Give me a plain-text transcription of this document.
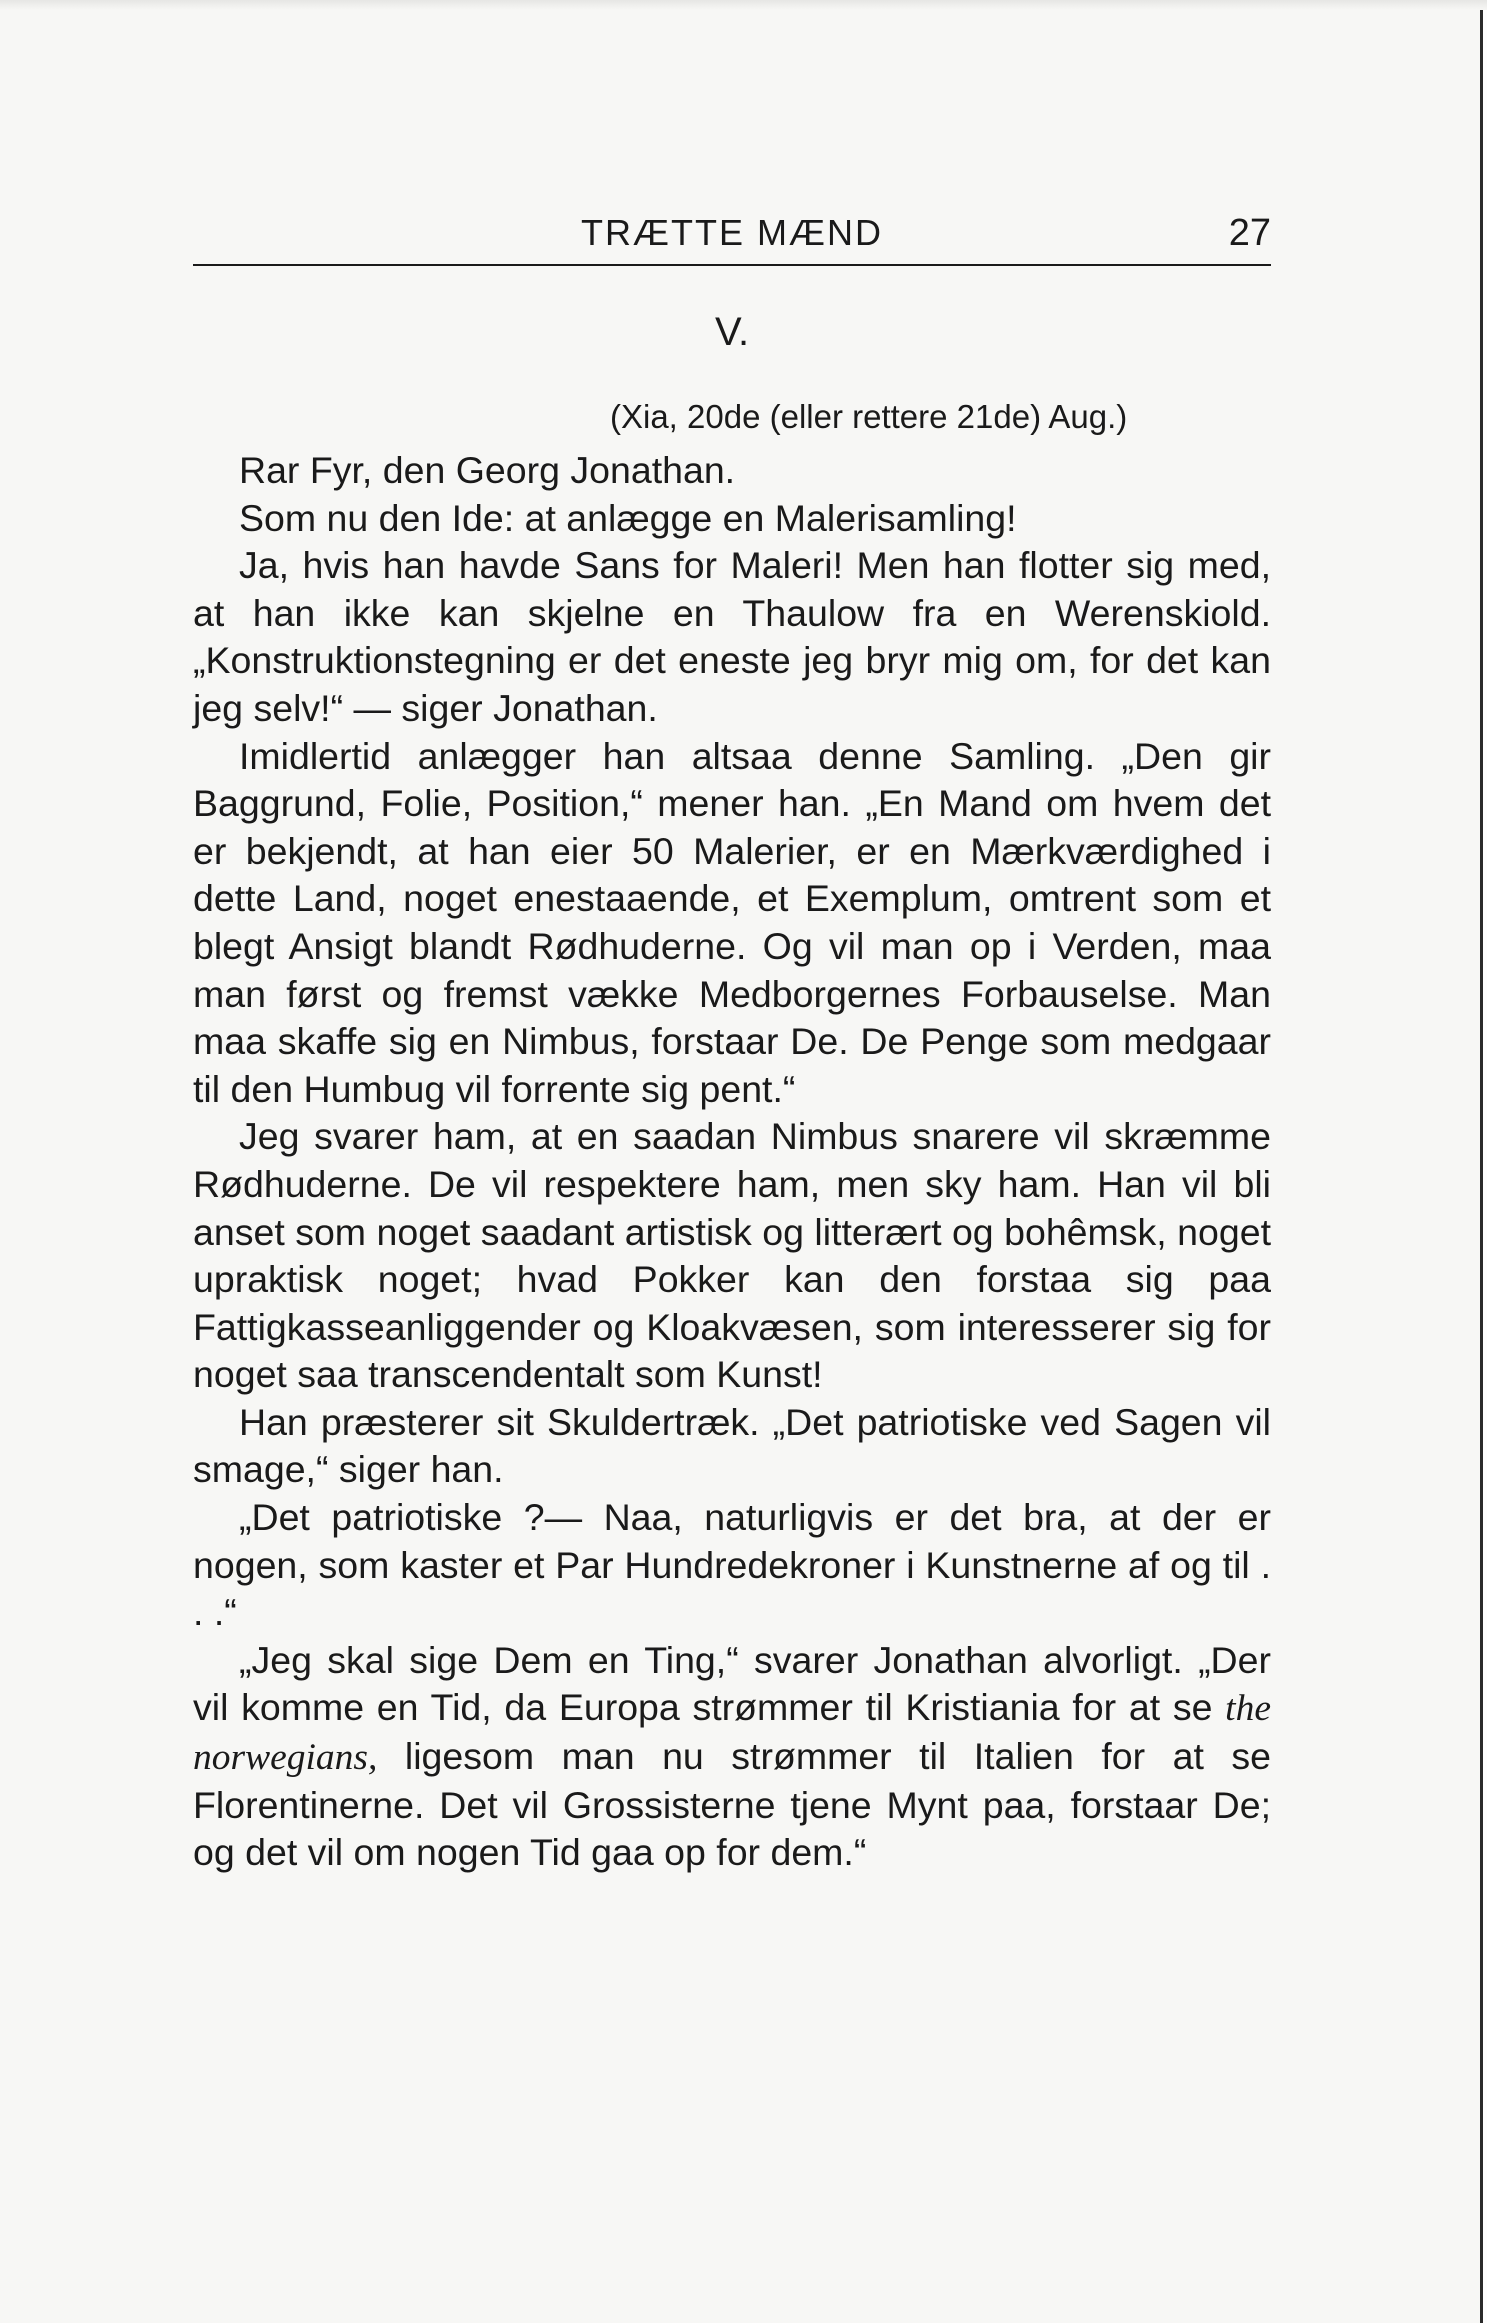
TRÆTTE MÆND	27
V.
(Xia, 20de (eller rettere 21de) Aug.)

Rar Fyr, den Georg Jonathan.

Som nu den Ide: at anlægge en Malerisamling!

Ja, hvis han havde Sans for Maleri! Men han flotter sig med, at han ikke kan skjelne en Thaulow fra en Werenskiold. „Konstruktionstegning er det eneste jeg bryr mig om, for det kan jeg selv!“ — siger Jonathan.

Imidlertid anlægger han altsaa denne Samling. „Den gir Baggrund, Folie, Position,“ mener han. „En Mand om hvem det er bekjendt, at han eier 50 Malerier, er en Mærkværdighed i dette Land, noget enestaaende, et Exemplum, omtrent som et blegt Ansigt blandt Rødhuderne. Og vil man op i Verden, maa man først og fremst vække Medborgernes Forbauselse. Man maa skaffe sig en Nimbus, forstaar De. De Penge som medgaar til den Humbug vil forrente sig pent.“

Jeg svarer ham, at en saadan Nimbus snarere vil skræmme Rødhuderne. De vil respektere ham, men sky ham. Han vil bli anset som noget saadant artistisk og litterært og bohêmsk, noget upraktisk noget; hvad Pokker kan den forstaa sig paa Fattigkasseanliggender og Kloakvæsen, som interesserer sig for noget saa transcendentalt som Kunst!

Han præsterer sit Skuldertræk. „Det patriotiske ved Sagen vil smage,“ siger han.

„Det patriotiske ?— Naa, naturligvis er det bra, at der er nogen, som kaster et Par Hundredekroner i Kunstnerne af og til . . .“

„Jeg skal sige Dem en Ting,“ svarer Jonathan alvorligt. „Der vil komme en Tid, da Europa strømmer til Kristiania for at se the norwegians, ligesom man nu strømmer til Italien for at se Florentinerne. Det vil Grossisterne tjene Mynt paa, forstaar De; og det vil om nogen Tid gaa op for dem.“
